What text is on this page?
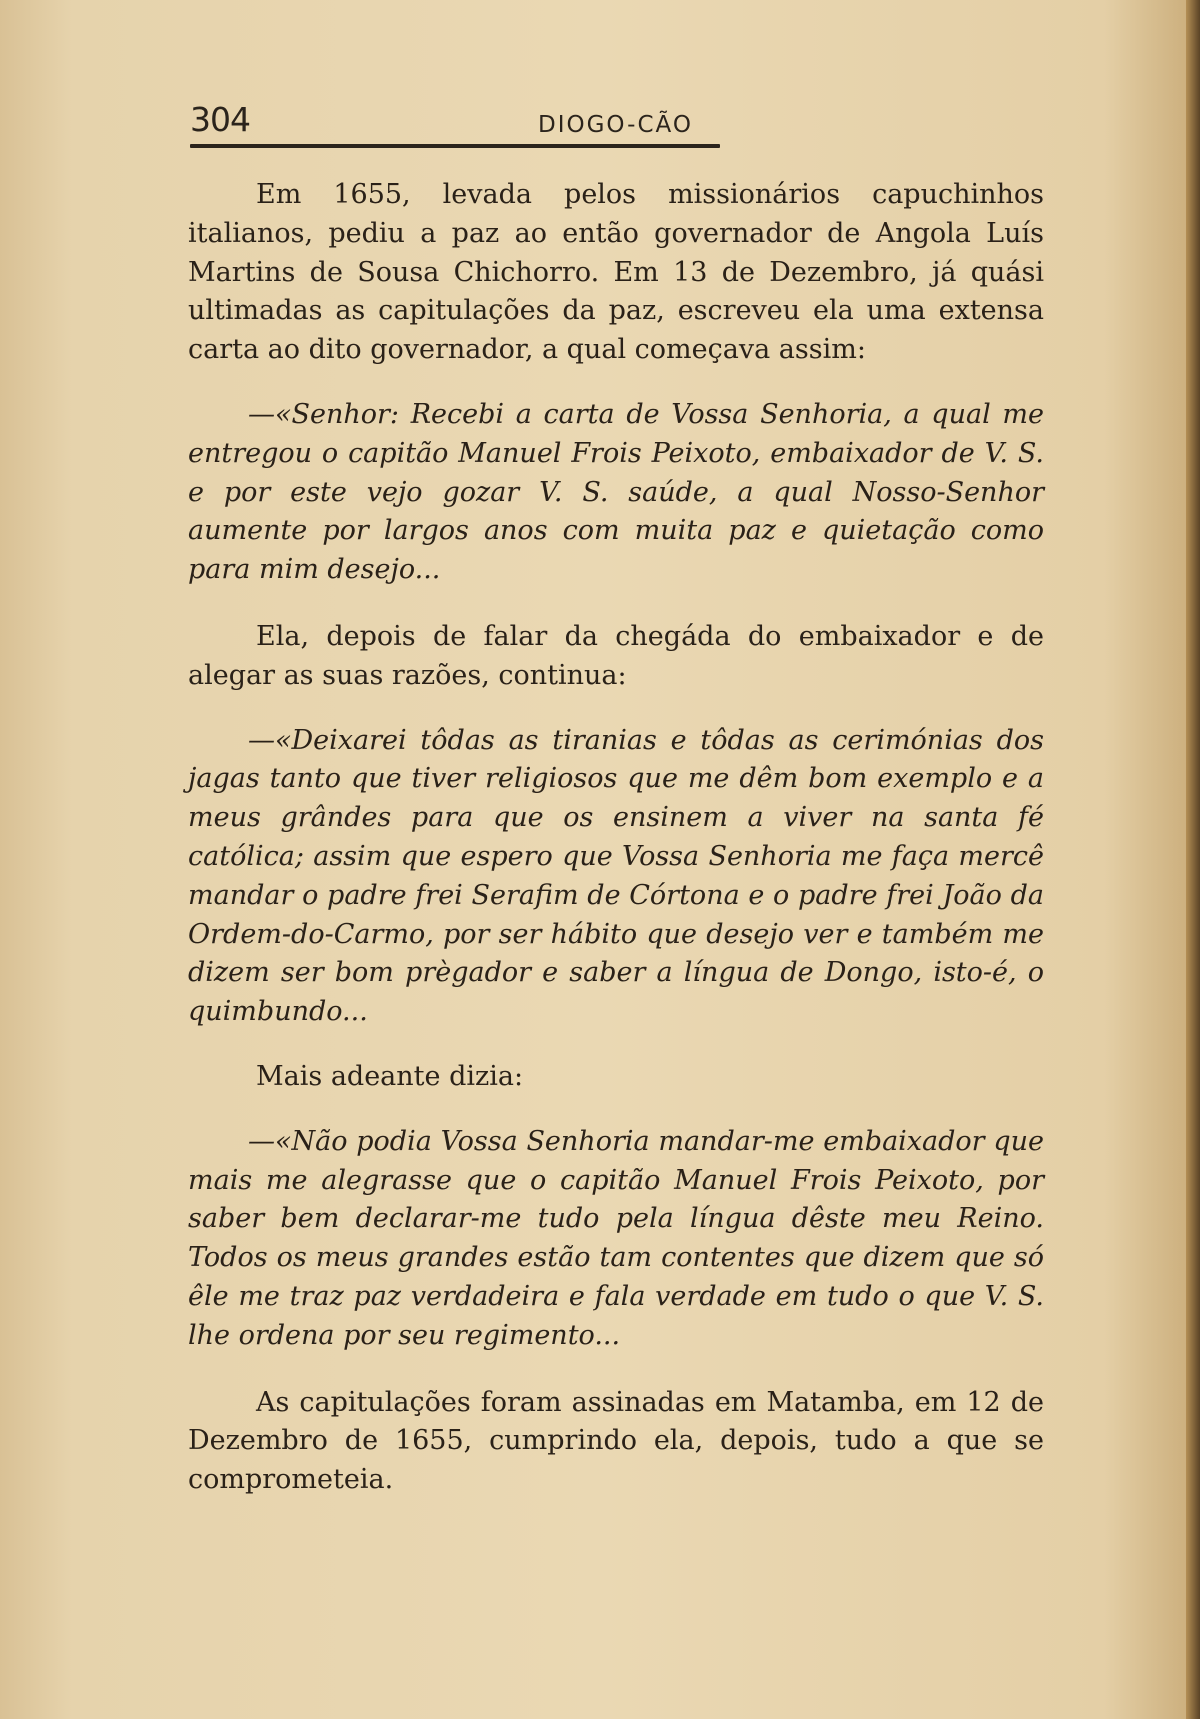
304	DIOGO-CÃO

Em 1655, levada pelos missionários capuchinhos italianos, pediu a paz ao então governador de Angola Luís Martins de Sousa Chichorro. Em 13 de Dezembro, já quási ultimadas as capitulações da paz, escreveu ela uma extensa carta ao dito governador, a qual começava assim:

—«Senhor: Recebi a carta de Vossa Senhoria, a qual me entregou o capitão Manuel Frois Peixoto, embaixador de V. S. e por este vejo gozar V. S. saúde, a qual Nosso-Senhor aumente por largos anos com muita paz e quietação como para mim desejo...

Ela, depois de falar da chegáda do embaixador e de alegar as suas razões, continua:

—«Deixarei tôdas as tiranias e tôdas as cerimónias dos jagas tanto que tiver religiosos que me dêm bom exemplo e a meus grândes para que os ensinem a viver na santa fé católica; assim que espero que Vossa Senhoria me faça mercê mandar o padre frei Serafim de Córtona e o padre frei João da Ordem-do-Carmo, por ser hábito que desejo ver e também me dizem ser bom prègador e saber a língua de Dongo, isto-é, o quimbundo...

Mais adeante dizia:

—«Não podia Vossa Senhoria mandar-me embaixador que mais me alegrasse que o capitão Manuel Frois Peixoto, por saber bem declarar-me tudo pela língua dêste meu Reino. Todos os meus grandes estão tam contentes que dizem que só êle me traz paz verdadeira e fala verdade em tudo o que V. S. lhe ordena por seu regimento...

As capitulações foram assinadas em Matamba, em 12 de Dezembro de 1655, cumprindo ela, depois, tudo a que se comprometeia.
